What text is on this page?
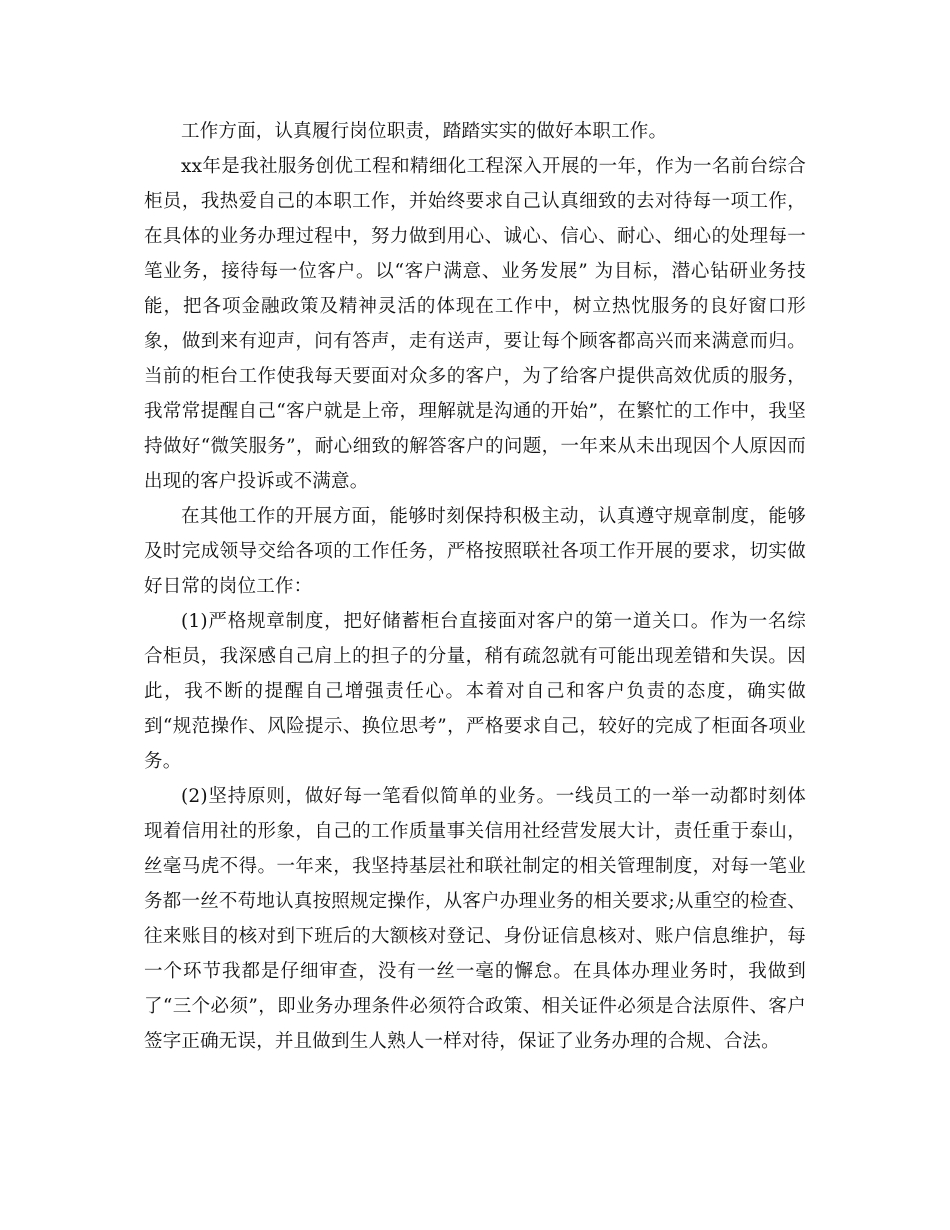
工作方面，认真履行岗位职责，踏踏实实的做好本职工作。

xx年是我社服务创优工程和精细化工程深入开展的一年，作为一名前台综合柜员，我热爱自己的本职工作，并始终要求自己认真细致的去对待每一项工作，在具体的业务办理过程中，努力做到用心、诚心、信心、耐心、细心的处理每一笔业务，接待每一位客户。以“客户满意、业务发展” 为目标，潜心钻研业务技能，把各项金融政策及精神灵活的体现在工作中，树立热忱服务的良好窗口形象，做到来有迎声，问有答声，走有送声，要让每个顾客都高兴而来满意而归。当前的柜台工作使我每天要面对众多的客户，为了给客户提供高效优质的服务，我常常提醒自己“客户就是上帝，理解就是沟通的开始”，在繁忙的工作中，我坚持做好“微笑服务”，耐心细致的解答客户的问题，一年来从未出现因个人原因而出现的客户投诉或不满意。

在其他工作的开展方面，能够时刻保持积极主动，认真遵守规章制度，能够及时完成领导交给各项的工作任务，严格按照联社各项工作开展的要求，切实做好日常的岗位工作：

(1)严格规章制度，把好储蓄柜台直接面对客户的第一道关口。作为一名综合柜员，我深感自己肩上的担子的分量，稍有疏忽就有可能出现差错和失误。因此，我不断的提醒自己增强责任心。本着对自己和客户负责的态度，确实做到“规范操作、风险提示、换位思考”，严格要求自己，较好的完成了柜面各项业务。

(2)坚持原则，做好每一笔看似简单的业务。一线员工的一举一动都时刻体现着信用社的形象，自己的工作质量事关信用社经营发展大计，责任重于泰山，丝毫马虎不得。一年来，我坚持基层社和联社制定的相关管理制度，对每一笔业务都一丝不苟地认真按照规定操作，从客户办理业务的相关要求;从重空的检查、往来账目的核对到下班后的大额核对登记、身份证信息核对、账户信息维护，每一个环节我都是仔细审查，没有一丝一毫的懈怠。在具体办理业务时，我做到了“三个必须”，即业务办理条件必须符合政策、相关证件必须是合法原件、客户签字正确无误，并且做到生人熟人一样对待，保证了业务办理的合规、合法。
